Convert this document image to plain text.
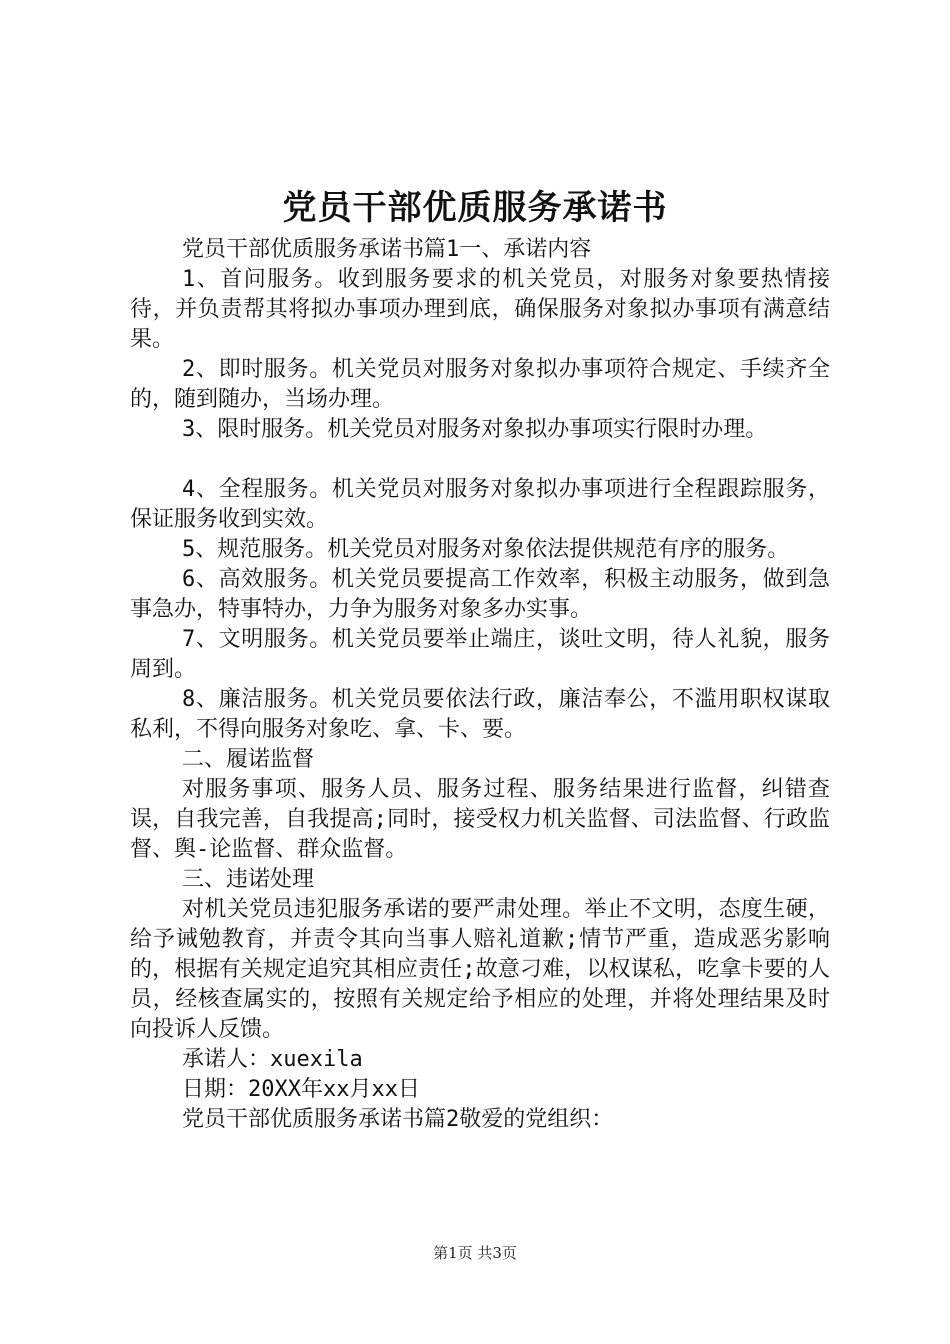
党员干部优质服务承诺书

党员干部优质服务承诺书篇1一、承诺内容

1、首问服务。收到服务要求的机关党员，对服务对象要热情接待，并负责帮其将拟办事项办理到底，确保服务对象拟办事项有满意结果。

2、即时服务。机关党员对服务对象拟办事项符合规定、手续齐全的，随到随办，当场办理。

3、限时服务。机关党员对服务对象拟办事项实行限时办理。

4、全程服务。机关党员对服务对象拟办事项进行全程跟踪服务，保证服务收到实效。

5、规范服务。机关党员对服务对象依法提供规范有序的服务。

6、高效服务。机关党员要提高工作效率，积极主动服务，做到急事急办，特事特办，力争为服务对象多办实事。

7、文明服务。机关党员要举止端庄，谈吐文明，待人礼貌，服务周到。

8、廉洁服务。机关党员要依法行政，廉洁奉公，不滥用职权谋取私利，不得向服务对象吃、拿、卡、要。

二、履诺监督

对服务事项、服务人员、服务过程、服务结果进行监督，纠错查误，自我完善，自我提高;同时，接受权力机关监督、司法监督、行政监督、舆-论监督、群众监督。

三、违诺处理

对机关党员违犯服务承诺的要严肃处理。举止不文明，态度生硬，给予诫勉教育，并责令其向当事人赔礼道歉;情节严重，造成恶劣影响的，根据有关规定追究其相应责任;故意刁难，以权谋私，吃拿卡要的人员，经核查属实的，按照有关规定给予相应的处理，并将处理结果及时向投诉人反馈。

承诺人：xuexila

日期：20XX年xx月xx日

党员干部优质服务承诺书篇2敬爱的党组织：

第1页 共3页
